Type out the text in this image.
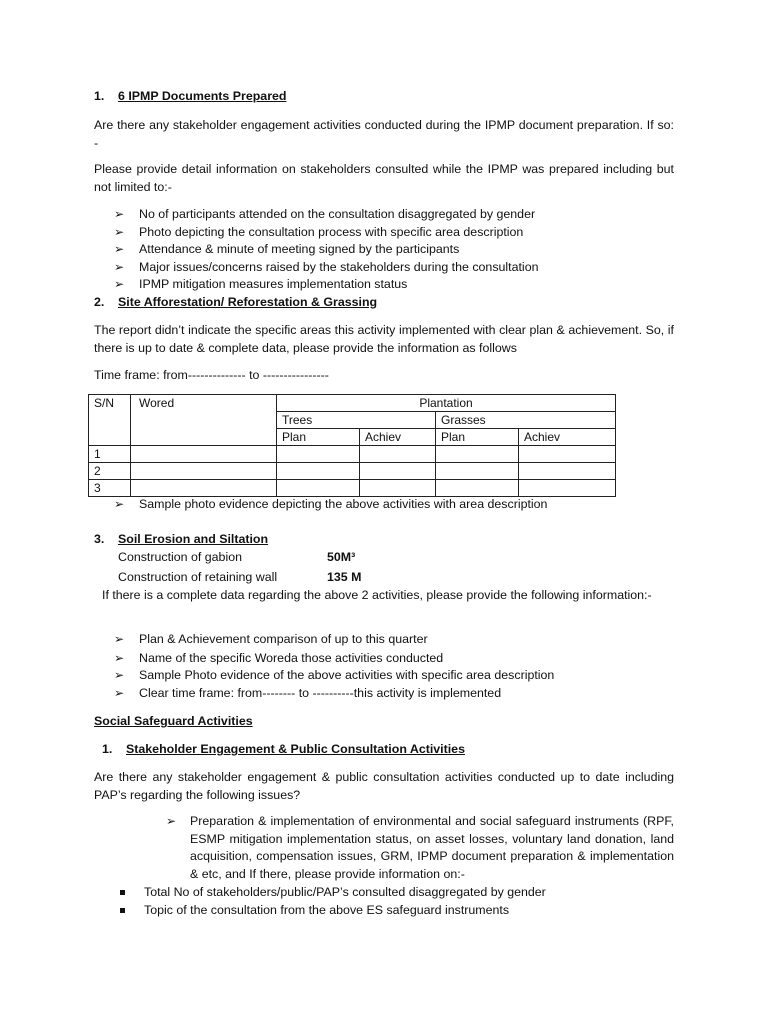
1. 6 IPMP Documents Prepared
Are there any stakeholder engagement activities conducted during the IPMP document preparation. If so: -
Please provide detail information on stakeholders consulted while the IPMP was prepared including but not limited to:-
➢ No of participants attended on the consultation disaggregated by gender
➢ Photo depicting the consultation process with specific area description
➢ Attendance & minute of meeting signed by the participants
➢ Major issues/concerns raised by the stakeholders during the consultation
➢ IPMP mitigation measures implementation status
2. Site Afforestation/ Reforestation & Grassing
The report didn’t indicate the specific areas this activity implemented with clear plan & achievement. So, if there is up to date & complete data, please provide the information as follows
Time frame: from-------------- to ----------------
S/N	Wored	Plantation			
		Trees		Grasses	
		Plan	Achiev	Plan	Achiev
1					
2					
3					
➢ Sample photo evidence depicting the above activities with area description
3. Soil Erosion and Siltation
Construction of gabion	50M³
Construction of retaining wall	135 M
If there is a complete data regarding the above 2 activities, please provide the following information:-
➢ Plan & Achievement comparison of up to this quarter
➢ Name of the specific Woreda those activities conducted
➢ Sample Photo evidence of the above activities with specific area description
➢ Clear time frame: from-------- to ----------this activity is implemented
Social Safeguard Activities
1. Stakeholder Engagement & Public Consultation Activities
Are there any stakeholder engagement & public consultation activities conducted up to date including PAP’s regarding the following issues?
➢ Preparation & implementation of environmental and social safeguard instruments (RPF, ESMP mitigation implementation status, on asset losses, voluntary land donation, land acquisition, compensation issues, GRM, IPMP document preparation & implementation & etc, and If there, please provide information on:-
Total No of stakeholders/public/PAP’s consulted disaggregated by gender
Topic of the consultation from the above ES safeguard instruments
